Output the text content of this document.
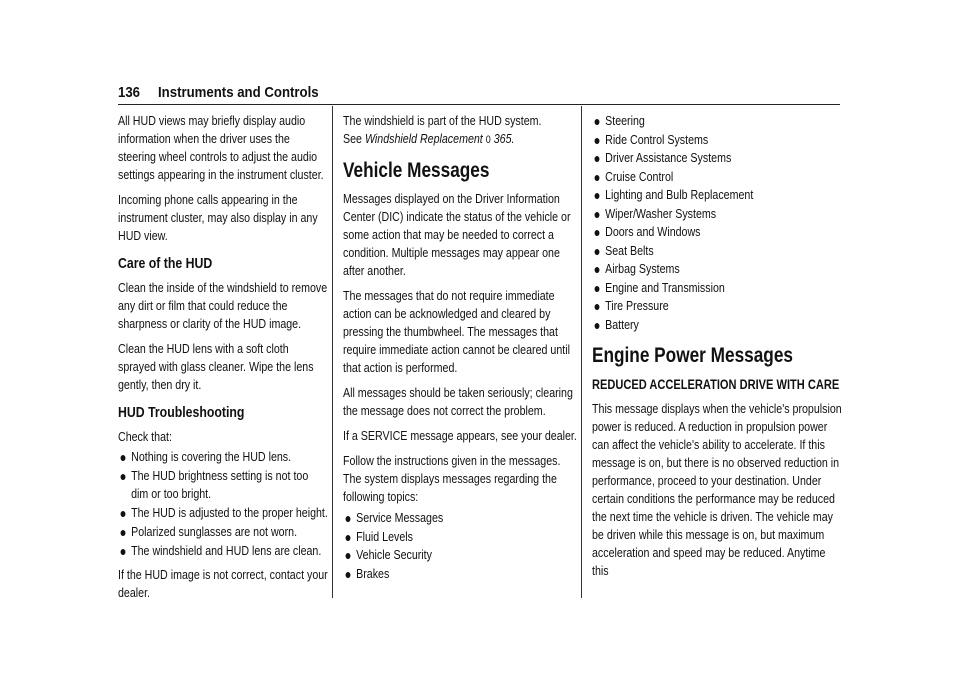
136 Instruments and Controls

All HUD views may briefly display audio information when the driver uses the steering wheel controls to adjust the audio settings appearing in the instrument cluster.

Incoming phone calls appearing in the instrument cluster, may also display in any HUD view.

Care of the HUD

Clean the inside of the windshield to remove any dirt or film that could reduce the sharpness or clarity of the HUD image.

Clean the HUD lens with a soft cloth sprayed with glass cleaner. Wipe the lens gently, then dry it.

HUD Troubleshooting

Check that:

● Nothing is covering the HUD lens.
● The HUD brightness setting is not too dim or too bright.
● The HUD is adjusted to the proper height.
● Polarized sunglasses are not worn.
● The windshield and HUD lens are clean.

If the HUD image is not correct, contact your dealer.

The windshield is part of the HUD system.
See Windshield Replacement 0 365.

Vehicle Messages

Messages displayed on the Driver Information Center (DIC) indicate the status of the vehicle or some action that may be needed to correct a condition. Multiple messages may appear one after another.

The messages that do not require immediate action can be acknowledged and cleared by pressing the thumbwheel. The messages that require immediate action cannot be cleared until that action is performed.

All messages should be taken seriously; clearing the message does not correct the problem.

If a SERVICE message appears, see your dealer.

Follow the instructions given in the messages. The system displays messages regarding the following topics:

● Service Messages
● Fluid Levels
● Vehicle Security
● Brakes
● Steering
● Ride Control Systems
● Driver Assistance Systems
● Cruise Control
● Lighting and Bulb Replacement
● Wiper/Washer Systems
● Doors and Windows
● Seat Belts
● Airbag Systems
● Engine and Transmission
● Tire Pressure
● Battery
Engine Power Messages
REDUCED ACCELERATION DRIVE WITH CARE

This message displays when the vehicle's propulsion power is reduced. A reduction in propulsion power can affect the vehicle's ability to accelerate. If this message is on, but there is no observed reduction in performance, proceed to your destination. Under certain conditions the performance may be reduced the next time the vehicle is driven. The vehicle may be driven while this message is on, but maximum acceleration and speed may be reduced. Anytime this
